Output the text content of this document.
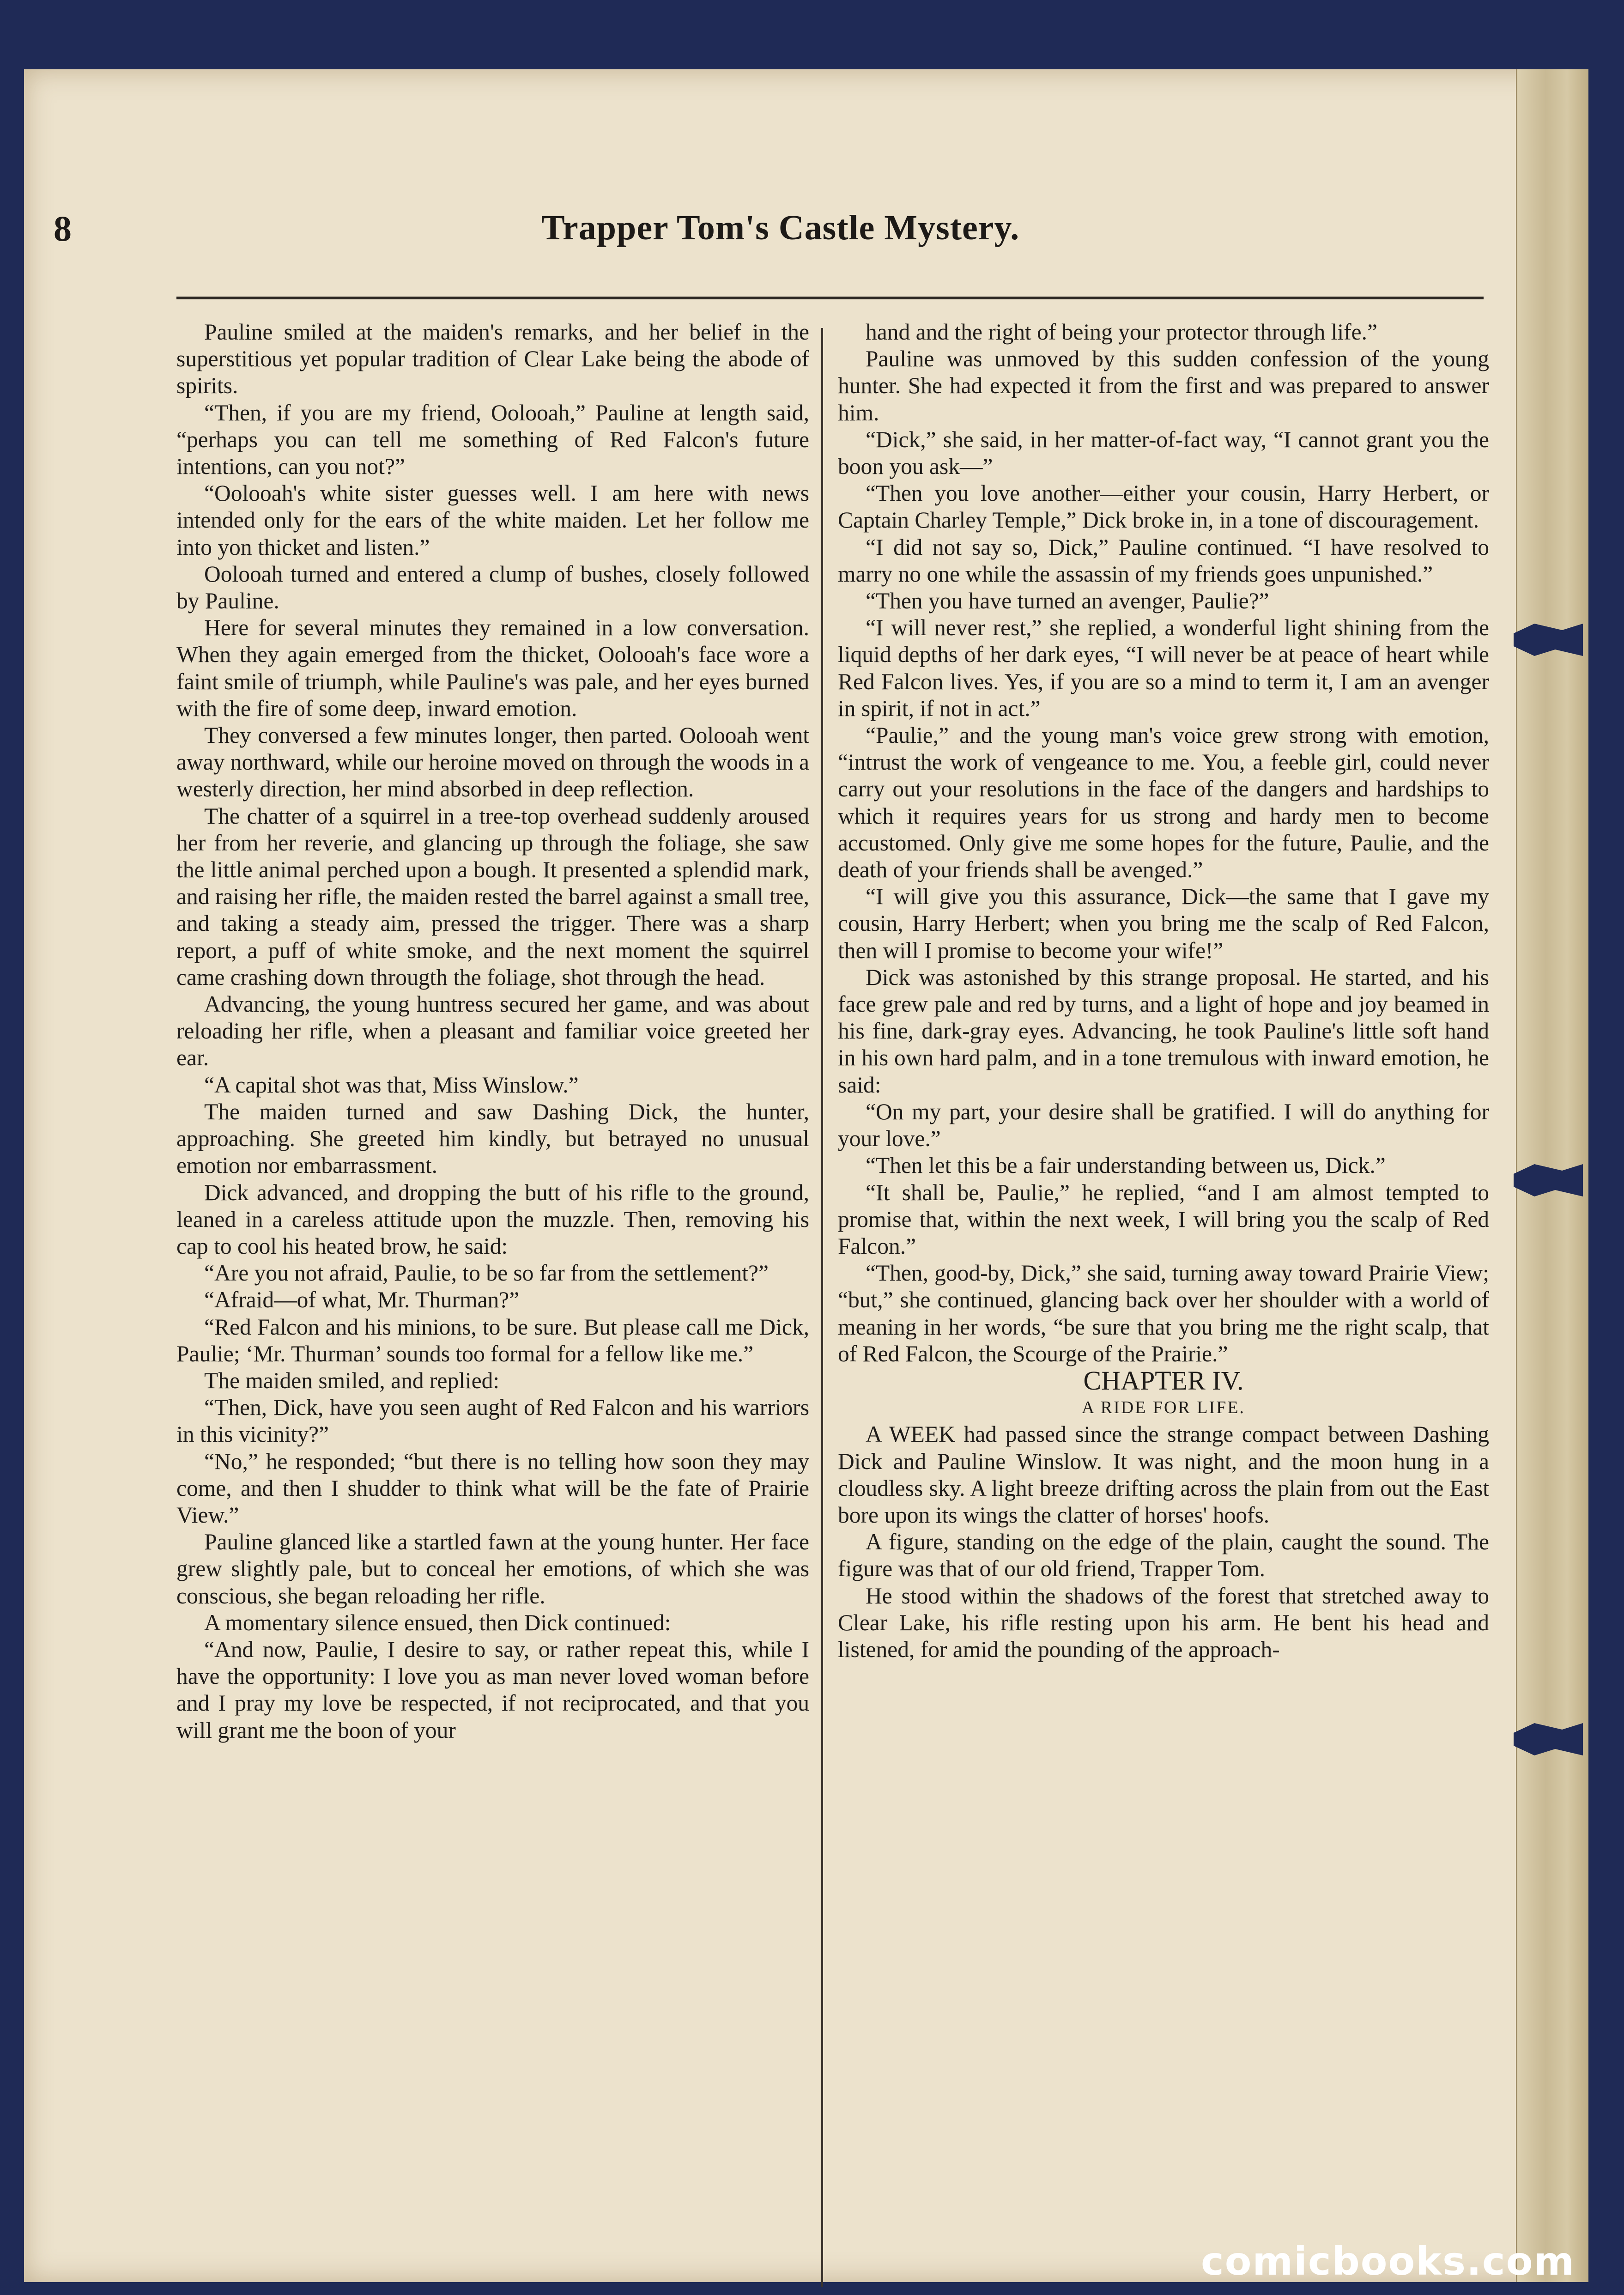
8	Trapper Tom's Castle Mystery.

Pauline smiled at the maiden's remarks, and her belief in the superstitious yet popular tradition of Clear Lake being the abode of spirits.

“Then, if you are my friend, Oolooah,” Pauline at length said, “perhaps you can tell me something of Red Falcon's future intentions, can you not?”

“Oolooah's white sister guesses well. I am here with news intended only for the ears of the white maiden. Let her follow me into yon thicket and listen.”

Oolooah turned and entered a clump of bushes, closely followed by Pauline.

Here for several minutes they remained in a low conversation. When they again emerged from the thicket, Oolooah's face wore a faint smile of triumph, while Pauline's was pale, and her eyes burned with the fire of some deep, inward emotion.

They conversed a few minutes longer, then parted. Oolooah went away northward, while our heroine moved on through the woods in a westerly direction, her mind absorbed in deep reflection.

The chatter of a squirrel in a tree-top overhead suddenly aroused her from her reverie, and glancing up through the foliage, she saw the little animal perched upon a bough. It presented a splendid mark, and raising her rifle, the maiden rested the barrel against a small tree, and taking a steady aim, pressed the trigger. There was a sharp report, a puff of white smoke, and the next moment the squirrel came crashing down througth the foliage, shot through the head.

Advancing, the young huntress secured her game, and was about reloading her rifle, when a pleasant and familiar voice greeted her ear.

“A capital shot was that, Miss Winslow.”

The maiden turned and saw Dashing Dick, the hunter, approaching. She greeted him kindly, but betrayed no unusual emotion nor embarrassment.

Dick advanced, and dropping the butt of his rifle to the ground, leaned in a careless attitude upon the muzzle. Then, removing his cap to cool his heated brow, he said:

“Are you not afraid, Paulie, to be so far from the settlement?”

“Afraid—of what, Mr. Thurman?”

“Red Falcon and his minions, to be sure. But please call me Dick, Paulie; ‘Mr. Thurman’ sounds too formal for a fellow like me.”

The maiden smiled, and replied:

“Then, Dick, have you seen aught of Red Falcon and his warriors in this vicinity?”

“No,” he responded; “but there is no telling how soon they may come, and then I shudder to think what will be the fate of Prairie View.”

Pauline glanced like a startled fawn at the young hunter. Her face grew slightly pale, but to conceal her emotions, of which she was conscious, she began reloading her rifle.

A momentary silence ensued, then Dick continued:

“And now, Paulie, I desire to say, or rather repeat this, while I have the opportunity: I love you as man never loved woman before and I pray my love be respected, if not reciprocated, and that you will grant me the boon of your

hand and the right of being your protector through life.”

Pauline was unmoved by this sudden confession of the young hunter. She had expected it from the first and was prepared to answer him.

“Dick,” she said, in her matter-of-fact way, “I cannot grant you the boon you ask—”

“Then you love another—either your cousin, Harry Herbert, or Captain Charley Temple,” Dick broke in, in a tone of discouragement.

“I did not say so, Dick,” Pauline continued. “I have resolved to marry no one while the assassin of my friends goes unpunished.”

“Then you have turned an avenger, Paulie?”

“I will never rest,” she replied, a wonderful light shining from the liquid depths of her dark eyes, “I will never be at peace of heart while Red Falcon lives. Yes, if you are so a mind to term it, I am an avenger in spirit, if not in act.”

“Paulie,” and the young man's voice grew strong with emotion, “intrust the work of vengeance to me. You, a feeble girl, could never carry out your resolutions in the face of the dangers and hardships to which it requires years for us strong and hardy men to become accustomed. Only give me some hopes for the future, Paulie, and the death of your friends shall be avenged.”

“I will give you this assurance, Dick—the same that I gave my cousin, Harry Herbert; when you bring me the scalp of Red Falcon, then will I promise to become your wife!”

Dick was astonished by this strange proposal. He started, and his face grew pale and red by turns, and a light of hope and joy beamed in his fine, dark-gray eyes. Advancing, he took Pauline's little soft hand in his own hard palm, and in a tone tremulous with inward emotion, he said:

“On my part, your desire shall be gratified. I will do anything for your love.”

“Then let this be a fair understanding between us, Dick.”

“It shall be, Paulie,” he replied, “and I am almost tempted to promise that, within the next week, I will bring you the scalp of Red Falcon.”

“Then, good-by, Dick,” she said, turning away toward Prairie View; “but,” she continued, glancing back over her shoulder with a world of meaning in her words, “be sure that you bring me the right scalp, that of Red Falcon, the Scourge of the Prairie.”

CHAPTER IV.

A RIDE FOR LIFE.

A WEEK had passed since the strange compact between Dashing Dick and Pauline Winslow. It was night, and the moon hung in a cloudless sky. A light breeze drifting across the plain from out the East bore upon its wings the clatter of horses' hoofs.

A figure, standing on the edge of the plain, caught the sound. The figure was that of our old friend, Trapper Tom.

He stood within the shadows of the forest that stretched away to Clear Lake, his rifle resting upon his arm. He bent his head and listened, for amid the pounding of the approach-

comicbooks.com
